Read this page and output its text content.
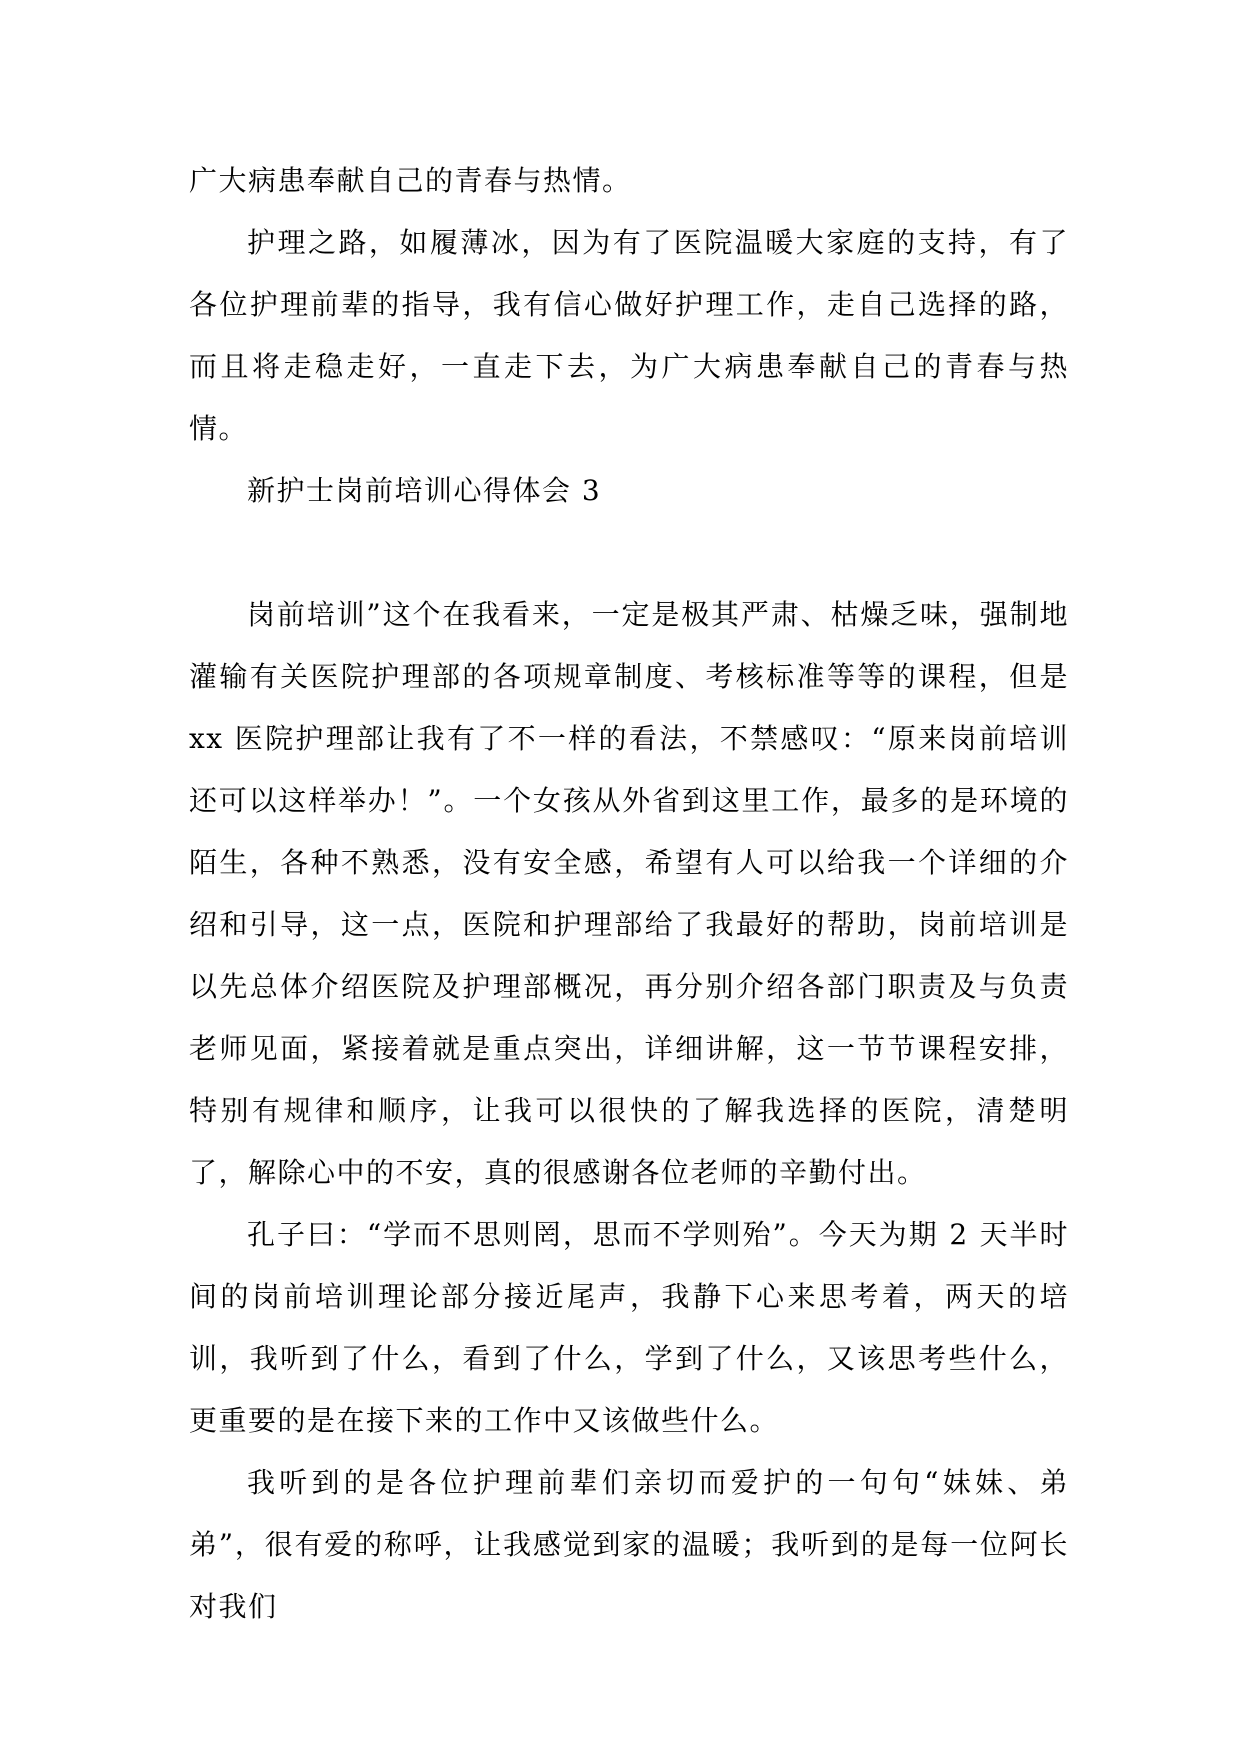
广大病患奉献自己的青春与热情。

护理之路，如履薄冰，因为有了医院温暖大家庭的支持，有了各位护理前辈的指导，我有信心做好护理工作，走自己选择的路，而且将走稳走好，一直走下去，为广大病患奉献自己的青春与热情。

新护士岗前培训心得体会 3

岗前培训”这个在我看来，一定是极其严肃、枯燥乏味，强制地灌输有关医院护理部的各项规章制度、考核标准等等的课程，但是 xx 医院护理部让我有了不一样的看法，不禁感叹：“原来岗前培训还可以这样举办！”。一个女孩从外省到这里工作，最多的是环境的陌生，各种不熟悉，没有安全感，希望有人可以给我一个详细的介绍和引导，这一点，医院和护理部给了我最好的帮助，岗前培训是以先总体介绍医院及护理部概况，再分别介绍各部门职责及与负责老师见面，紧接着就是重点突出，详细讲解，这一节节课程安排，特别有规律和顺序，让我可以很快的了解我选择的医院，清楚明了，解除心中的不安，真的很感谢各位老师的辛勤付出。

孔子曰：“学而不思则罔，思而不学则殆”。今天为期 2 天半时间的岗前培训理论部分接近尾声，我静下心来思考着，两天的培训，我听到了什么，看到了什么，学到了什么，又该思考些什么，更重要的是在接下来的工作中又该做些什么。

我听到的是各位护理前辈们亲切而爱护的一句句“妹妹、弟弟”，很有爱的称呼，让我感觉到家的温暖；我听到的是每一位阿长对我们
